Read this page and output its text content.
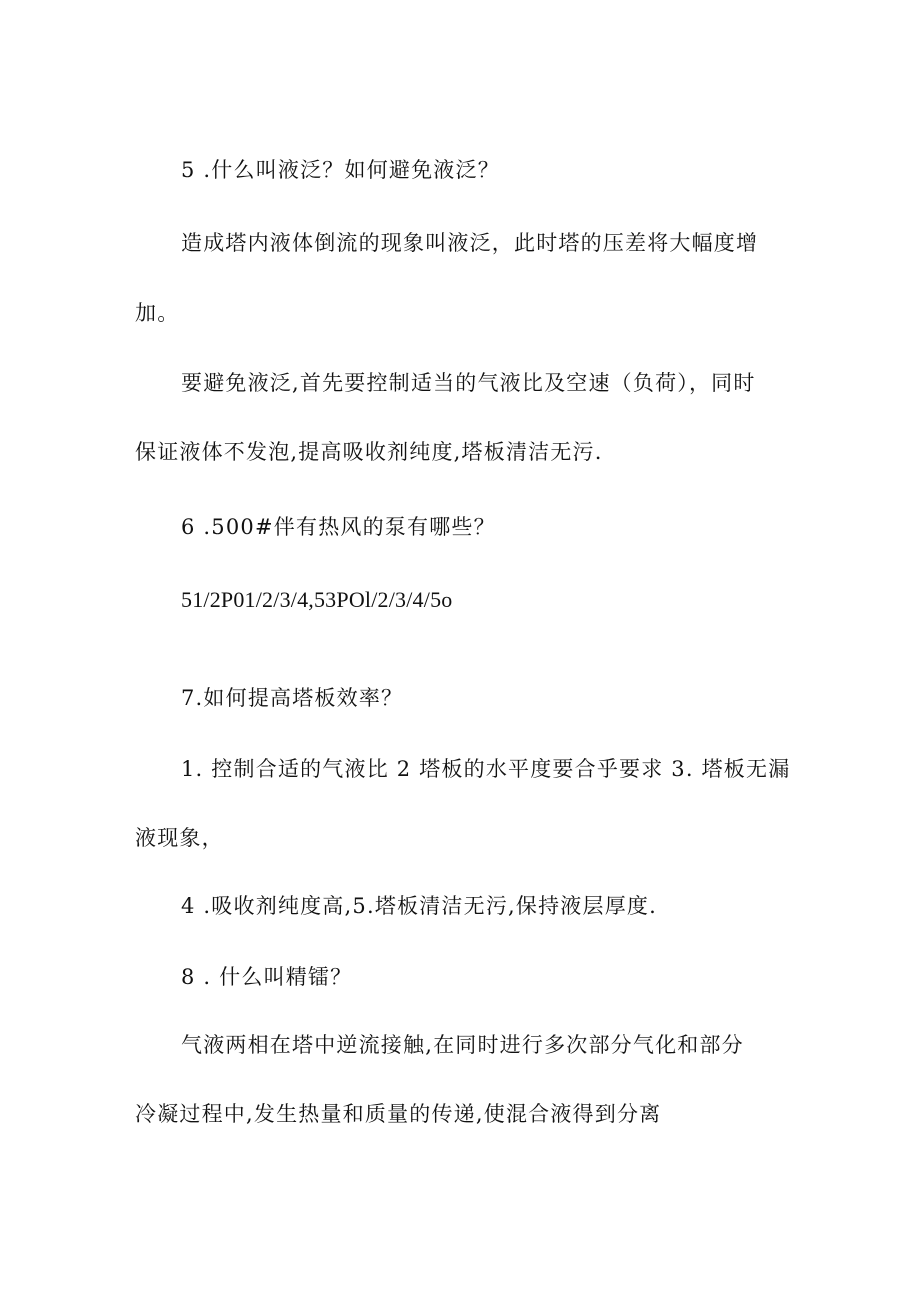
5 .什么叫液泛？如何避免液泛？
造成塔内液体倒流的现象叫液泛，此时塔的压差将大幅度增
加。
要避免液泛,首先要控制适当的气液比及空速（负荷），同时
保证液体不发泡,提高吸收剂纯度,塔板清洁无污.
6 .500#伴有热风的泵有哪些？
51/2P01/2/3/4,53POl/2/3/4/5o
7.如何提高塔板效率？
1. 控制合适的气液比 2 塔板的水平度要合乎要求 3. 塔板无漏
液现象，
4 .吸收剂纯度高,5.塔板清洁无污,保持液层厚度.
8 . 什么叫精镭？
气液两相在塔中逆流接触,在同时进行多次部分气化和部分
冷凝过程中,发生热量和质量的传递,使混合液得到分离
